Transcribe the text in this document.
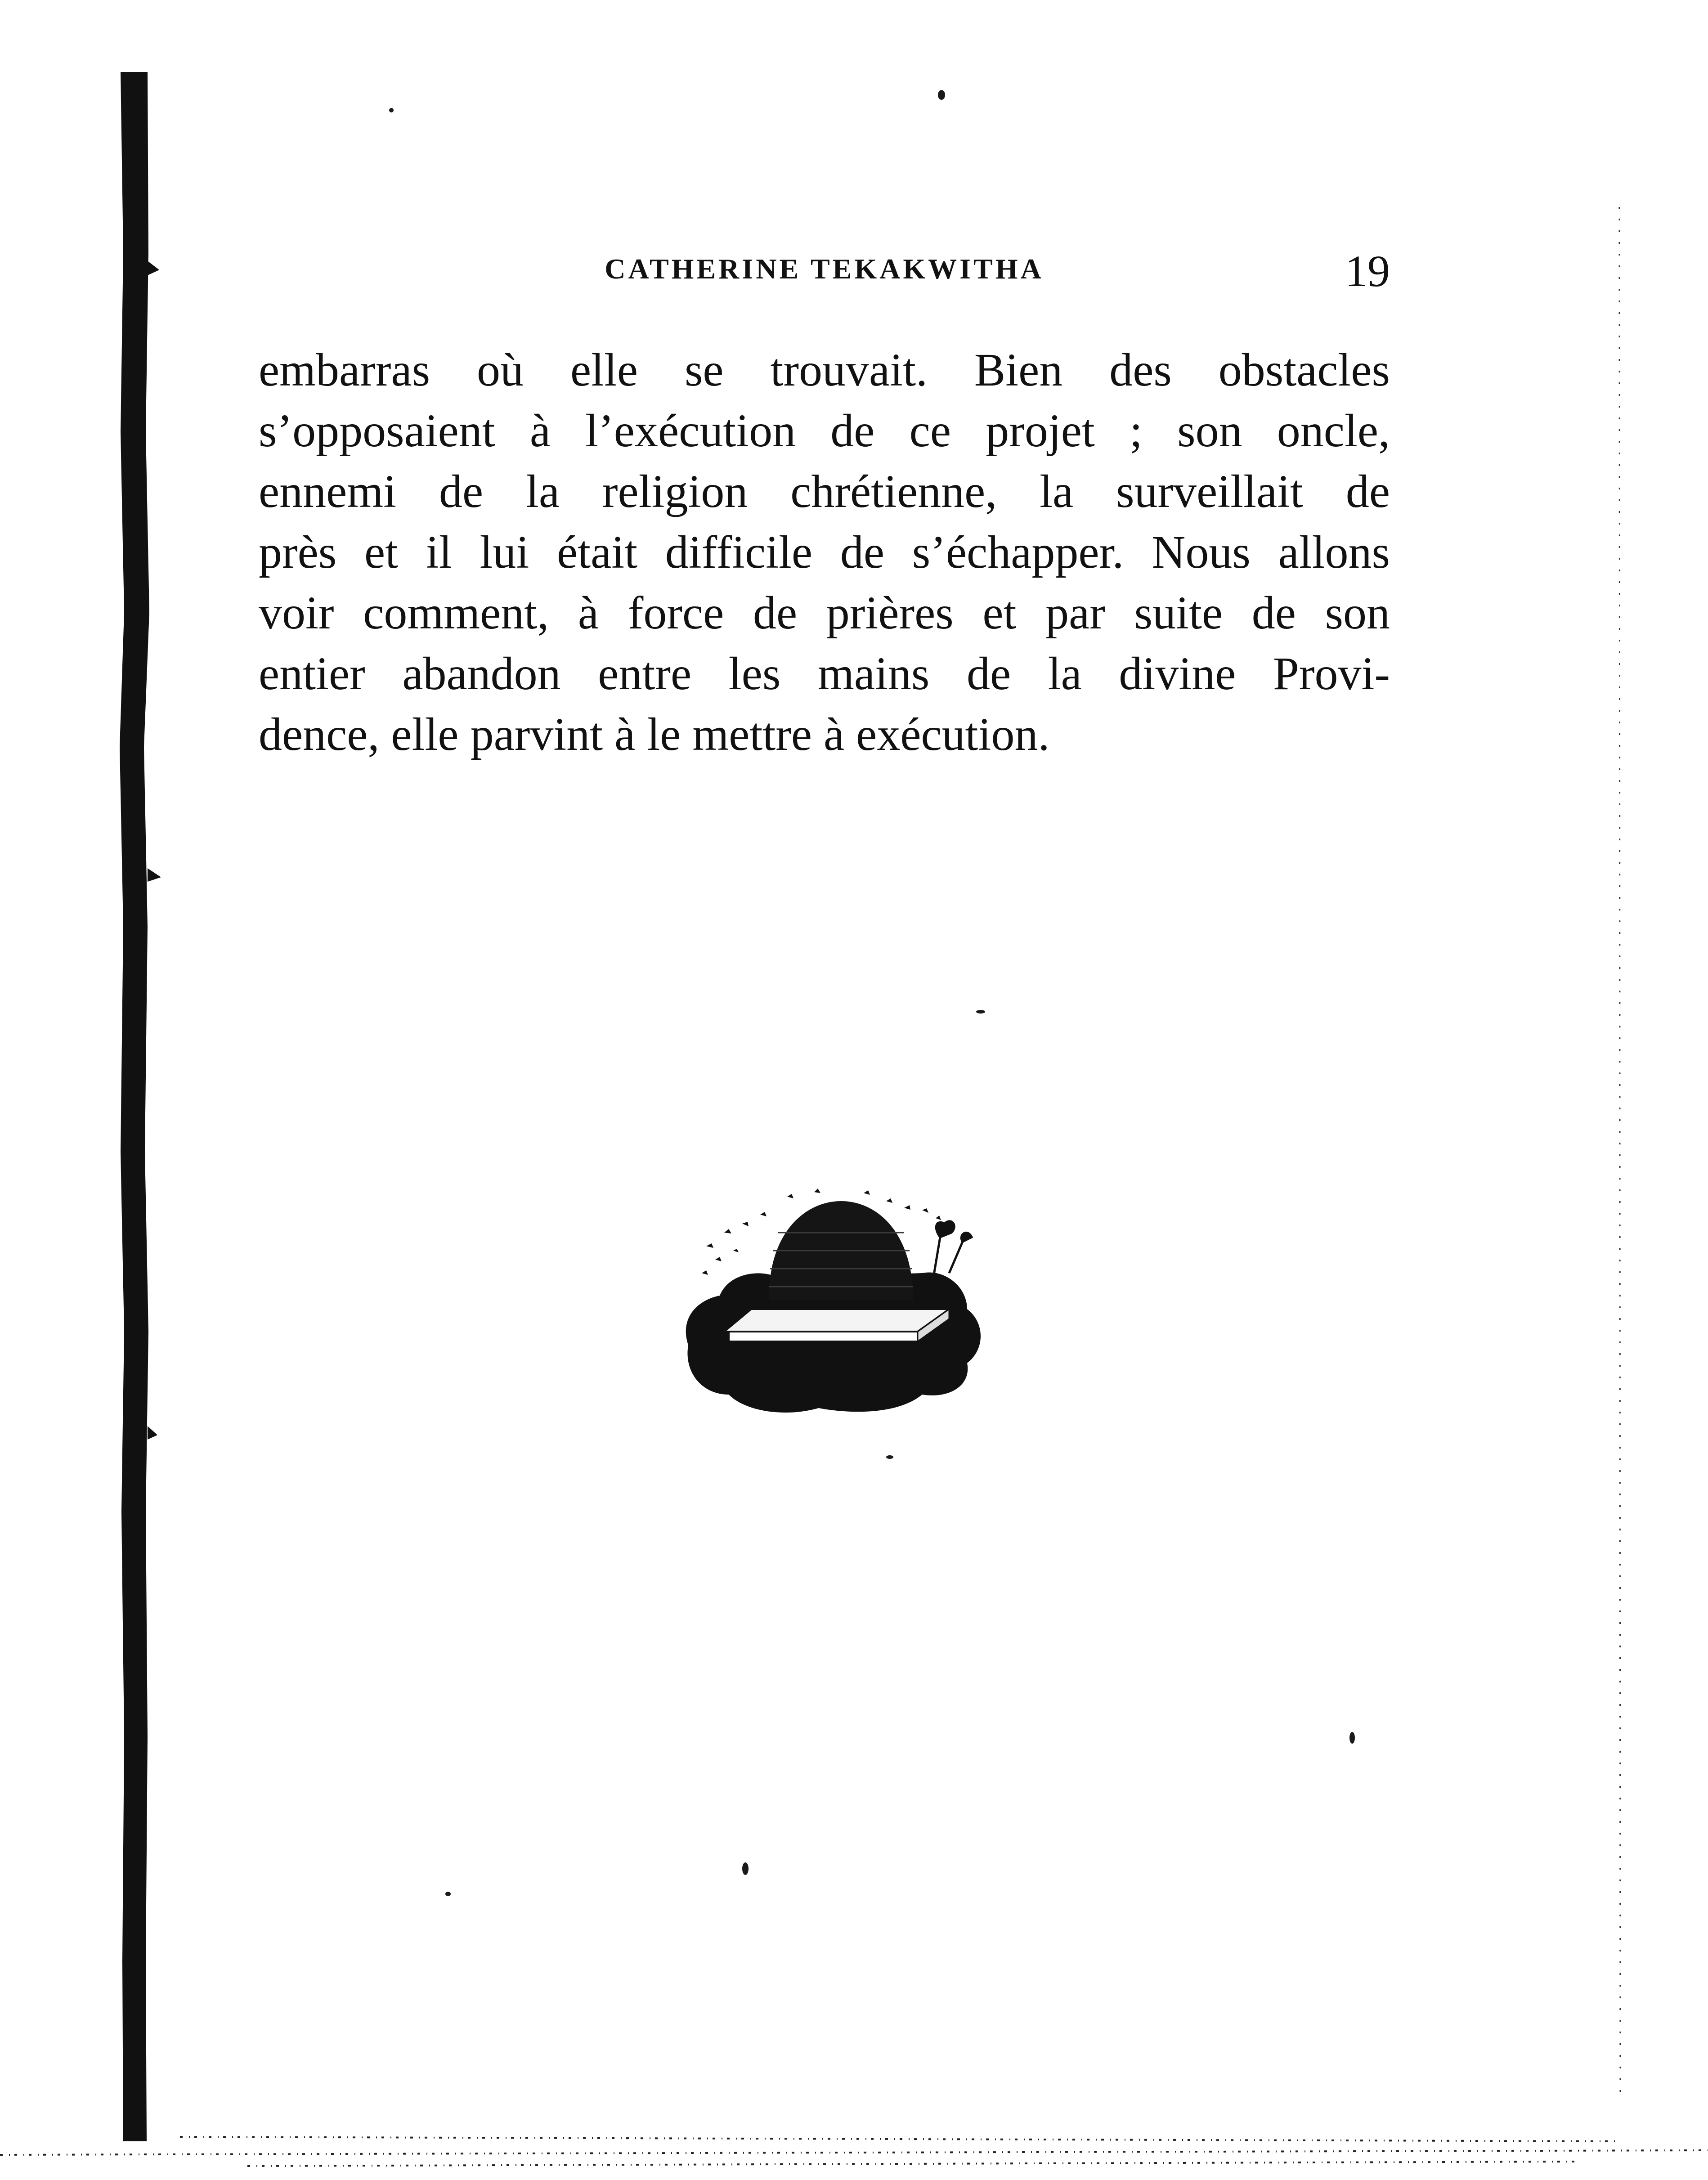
CATHERINE TEKAKWITHA	19
embarras où elle se trouvait. Bien des obstacles
s’opposaient à l’exécution de ce projet ; son oncle,
ennemi de la religion chrétienne, la surveillait de
près et il lui était difficile de s’échapper. Nous allons
voir comment, à force de prières et par suite de son
entier abandon entre les mains de la divine Provi-
dence, elle parvint à le mettre à exécution.
